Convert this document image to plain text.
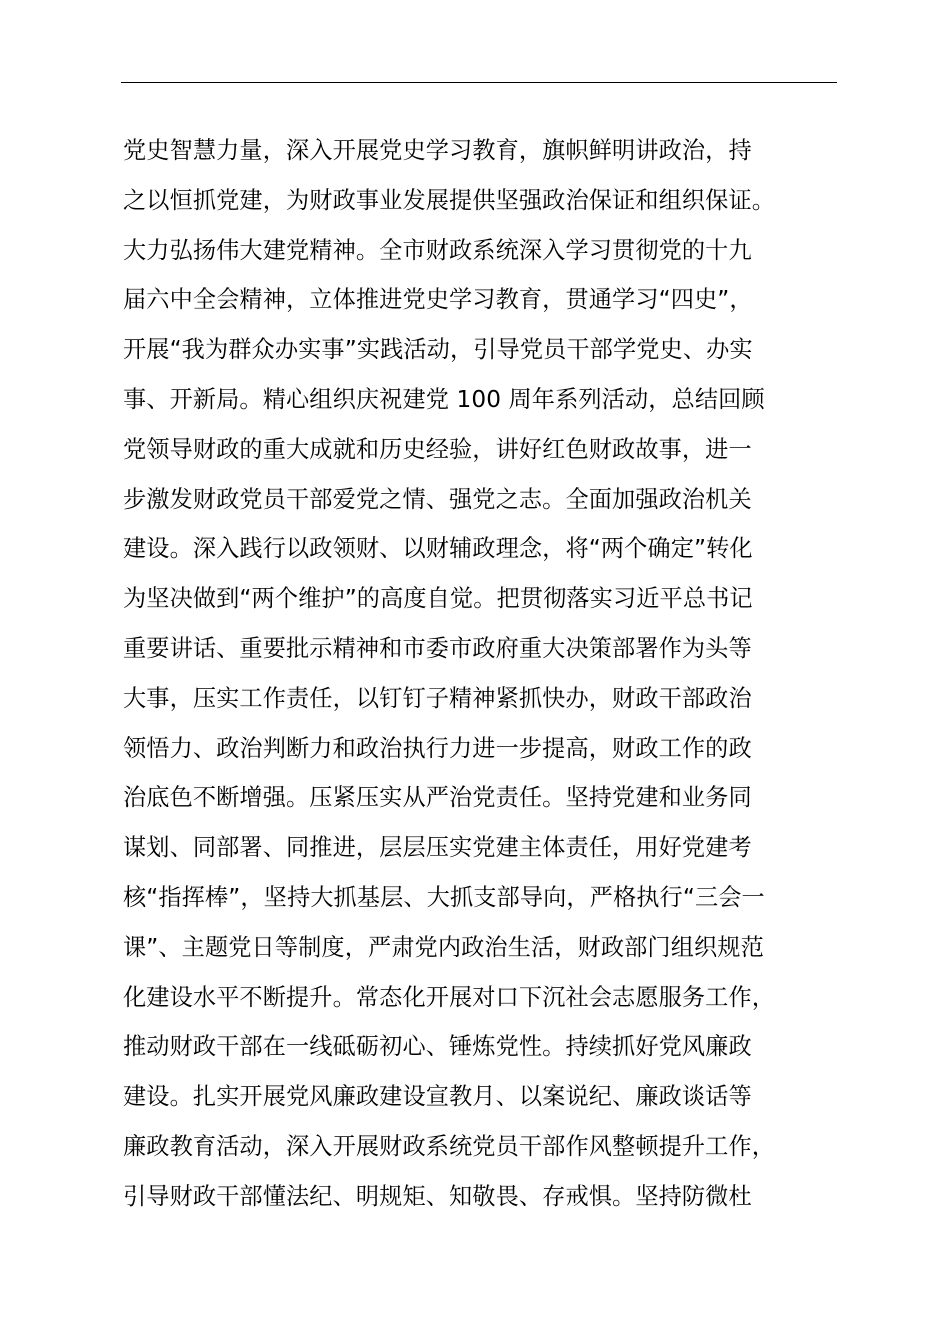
党史智慧力量，深入开展党史学习教育，旗帜鲜明讲政治，持
之以恒抓党建，为财政事业发展提供坚强政治保证和组织保证。
大力弘扬伟大建党精神。全市财政系统深入学习贯彻党的十九
届六中全会精神，立体推进党史学习教育，贯通学习“四史”，
开展“我为群众办实事”实践活动，引导党员干部学党史、办实
事、开新局。精心组织庆祝建党 100 周年系列活动，总结回顾
党领导财政的重大成就和历史经验，讲好红色财政故事，进一
步激发财政党员干部爱党之情、强党之志。全面加强政治机关
建设。深入践行以政领财、以财辅政理念，将“两个确定”转化
为坚决做到“两个维护”的高度自觉。把贯彻落实习近平总书记
重要讲话、重要批示精神和市委市政府重大决策部署作为头等
大事，压实工作责任，以钉钉子精神紧抓快办，财政干部政治
领悟力、政治判断力和政治执行力进一步提高，财政工作的政
治底色不断增强。压紧压实从严治党责任。坚持党建和业务同
谋划、同部署、同推进，层层压实党建主体责任，用好党建考
核“指挥棒”，坚持大抓基层、大抓支部导向，严格执行“三会一
课”、主题党日等制度，严肃党内政治生活，财政部门组织规范
化建设水平不断提升。常态化开展对口下沉社会志愿服务工作，
推动财政干部在一线砥砺初心、锤炼党性。持续抓好党风廉政
建设。扎实开展党风廉政建设宣教月、以案说纪、廉政谈话等
廉政教育活动，深入开展财政系统党员干部作风整顿提升工作，
引导财政干部懂法纪、明规矩、知敬畏、存戒惧。坚持防微杜
